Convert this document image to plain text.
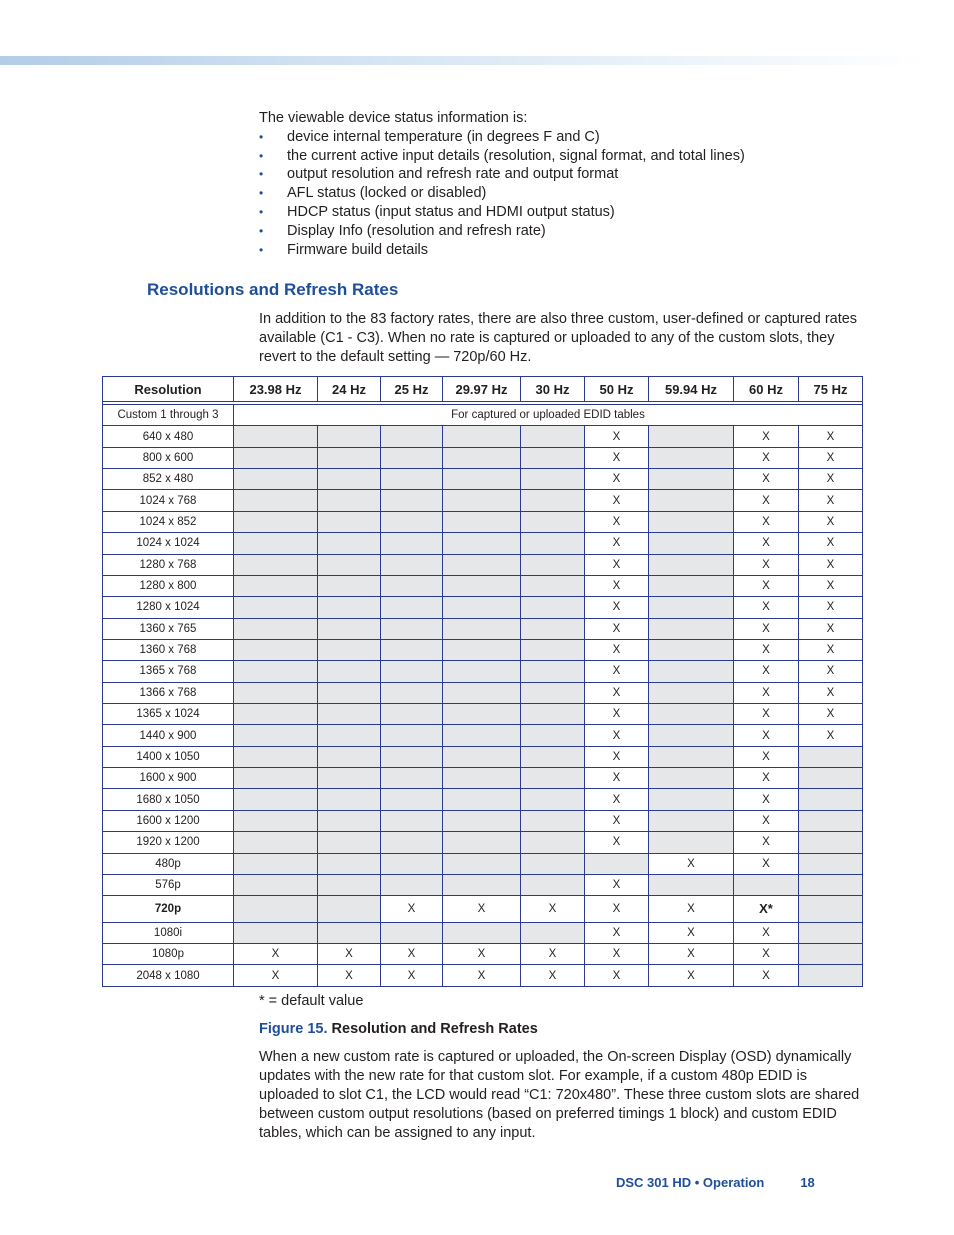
The viewable device status information is:

• device internal temperature (in degrees F and C)
• the current active input details (resolution, signal format, and total lines)
• output resolution and refresh rate and output format
• AFL status (locked or disabled)
• HDCP status (input status and HDMI output status)
• Display Info (resolution and refresh rate)
• Firmware build details
Resolutions and Refresh Rates

In addition to the 83 factory rates, there are also three custom, user-defined or captured rates available (C1 - C3). When no rate is captured or uploaded to any of the custom slots, they revert to the default setting — 720p/60 Hz.

Resolution	23.98 Hz	24 Hz	25 Hz	29.97 Hz	30 Hz	50 Hz	59.94 Hz	60 Hz	75 Hz

Custom 1 through 3	For captured or uploaded EDID tables								
640 x 480						X		X	X
800 x 600						X		X	X
852 x 480						X		X	X
1024 x 768						X		X	X
1024 x 852						X		X	X
1024 x 1024						X		X	X
1280 x 768						X		X	X
1280 x 800						X		X	X
1280 x 1024						X		X	X
1360 x 765						X		X	X
1360 x 768						X		X	X
1365 x 768						X		X	X
1366 x 768						X		X	X
1365 x 1024						X		X	X
1440 x 900						X		X	X
1400 x 1050						X		X	
1600 x 900						X		X	
1680 x 1050						X		X	
1600 x 1200						X		X	
1920 x 1200						X		X	
480p							X	X	
576p						X			
720p			X	X	X	X	X	X*	
1080i						X	X	X	
1080p	X	X	X	X	X	X	X	X	
2048 x 1080	X	X	X	X	X	X	X	X	

* = default value

Figure 15. Resolution and Refresh Rates

When a new custom rate is captured or uploaded, the On-screen Display (OSD) dynamically updates with the new rate for that custom slot. For example, if a custom 480p EDID is uploaded to slot C1, the LCD would read “C1: 720x480”. These three custom slots are shared between custom output resolutions (based on preferred timings 1 block) and custom EDID tables, which can be assigned to any input.

DSC 301 HD • Operation	18
